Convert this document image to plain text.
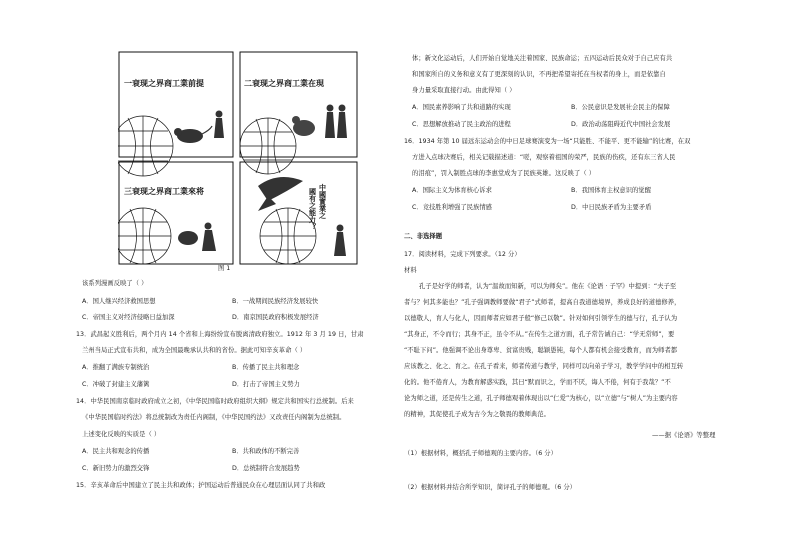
一衰现之界商工業前提	二衰现之界商工業在現
三衰现之界商工業來将	中國實業之
國有之能力？
图 1
该系列漫画反映了（ ）
A．国人继兴经济救国思想	B．一战期间民族经济发展较快
C．帝国主义对经济侵略日益加深	D．南京国民政府积极发展经济
13．武昌起义胜利后，两个月内 14 个省和上海纷纷宣布脱离清政府独立。1912 年 3 月 19 日，甘肃
兰州当局正式宣布共和，成为全国最晚承认共和的省份。据此可知辛亥革命（ ）
A．推翻了满族专制统治	B．传播了民主共和理念
C．冲破了封建主义藩篱	D．打击了帝国主义势力
14．中华民国南京临时政府成立之初，《中华民国临时政府组织大纲》规定共和国实行总统制。后来
《中华民国临时约法》将总统制改为责任内阁制，《中华民国约法》又改责任内阁制为总统制。
上述变化反映的实质是（ ）
A．民主共和观念的传播	B．共和政体的不断完善
C．新旧势力的激烈交锋	D．总统制符合发展趋势
15．辛亥革命后中国建立了民主共和政体；护国运动后普通民众在心理层面认同了共和政
体；新文化运动后，人们开始自觉地关注着国家、民族命运；五四运动后民众对于自己应有共
和国家所自的义务和意义有了更深刻的认识，不再把希望寄托在当权者的身上，而是依靠自
身力量采取直接行动。由此得知（ ）
A．国民素养影响了共和道路的实现	B．公民意识是发展社会民主的保障
C．思想解放推动了民主政治的进程	D．政治动荡阻碍近代中国社会发展
16．1934 年第 10 届远东运动会的中日足球赛演变为一场“只能胜、不能平、更不能输”的比赛，在双
方进入点球决赛后，相关记载描述道：“嗟，观察着祖国的荣严，民族的伤疾，还有东三省人民
的泪痕”，罚入制胜点球的李惠堂成为了民族英雄。这反映了（ ）
A．国际主义为体育核心诉求	B．我国体育主权意识的觉醒
C．竞技胜利增强了民族情感	D．中日民族矛盾为主要矛盾
二、非选择题
17．阅读材料，完成下列要求。（12 分）
材料
孔子是好学的师者，认为“温故而知新，可以为师矣”。他在《论语 · 子罕》中提到：“夫子至
者与？何其多能也？”孔子强调教师要做“君子”式师者，提高自我道德境界，养成良好的道德修养，
以德敬人，育人与化人，因而师者应如君子般“修己以敬”。针对如何引领学生的德与行，孔子认为
“其身正，不令而行；其身不正，虽令不从。”在传生之道方面，孔子常告诫自己：“学无常师”，要
“不耻下问”。他强调不论出身尊卑、贫富贵贱，聪颖愚钝，每个人都有机会接受教育，而为师者都
应该教之、化之、育之。在孔子看来，师者传道与教学，同样可以向弟子学习，教学学问中的相互转
化的。他不倦育人，为教育解惑实践，其曰“默而识之，学而不厌，诲人不倦，何有于我哉？”不
论为师之道，还是传生之道，孔子师德观着体现出以“仁爱”为核心，以“立德”与“树人”为主要内容
的精神，其促使孔子成为古今为之敬畏的教师典范。
——据《论语》等整理
（1）根据材料，概括孔子师德观的主要内容。（6 分）
（2）根据材料并结合所学知识，简评孔子的师德观。（6 分）
